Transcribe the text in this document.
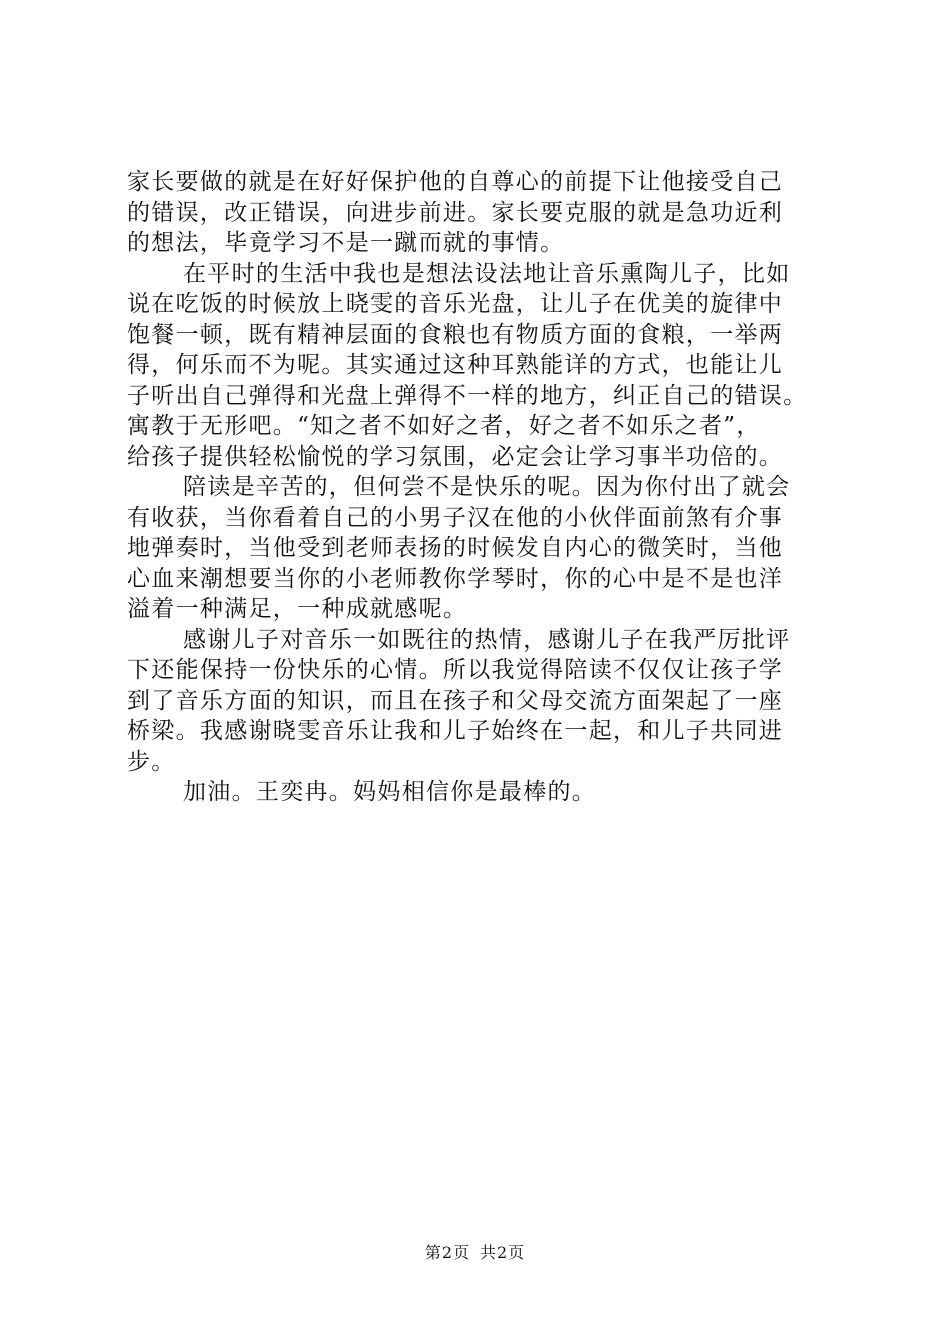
家长要做的就是在好好保护他的自尊心的前提下让他接受自己
的错误，改正错误，向进步前进。家长要克服的就是急功近利
的想法，毕竟学习不是一蹴而就的事情。
在平时的生活中我也是想法设法地让音乐熏陶儿子，比如
说在吃饭的时候放上晓雯的音乐光盘，让儿子在优美的旋律中
饱餐一顿，既有精神层面的食粮也有物质方面的食粮，一举两
得，何乐而不为呢。其实通过这种耳熟能详的方式，也能让儿
子听出自己弹得和光盘上弹得不一样的地方，纠正自己的错误。
寓教于无形吧。“知之者不如好之者，好之者不如乐之者”，
给孩子提供轻松愉悦的学习氛围，必定会让学习事半功倍的。
陪读是辛苦的，但何尝不是快乐的呢。因为你付出了就会
有收获，当你看着自己的小男子汉在他的小伙伴面前煞有介事
地弹奏时，当他受到老师表扬的时候发自内心的微笑时，当他
心血来潮想要当你的小老师教你学琴时，你的心中是不是也洋
溢着一种满足，一种成就感呢。
感谢儿子对音乐一如既往的热情，感谢儿子在我严厉批评
下还能保持一份快乐的心情。所以我觉得陪读不仅仅让孩子学
到了音乐方面的知识，而且在孩子和父母交流方面架起了一座
桥梁。我感谢晓雯音乐让我和儿子始终在一起，和儿子共同进
步。
加油。王奕冉。妈妈相信你是最棒的。
第2页 共2页
